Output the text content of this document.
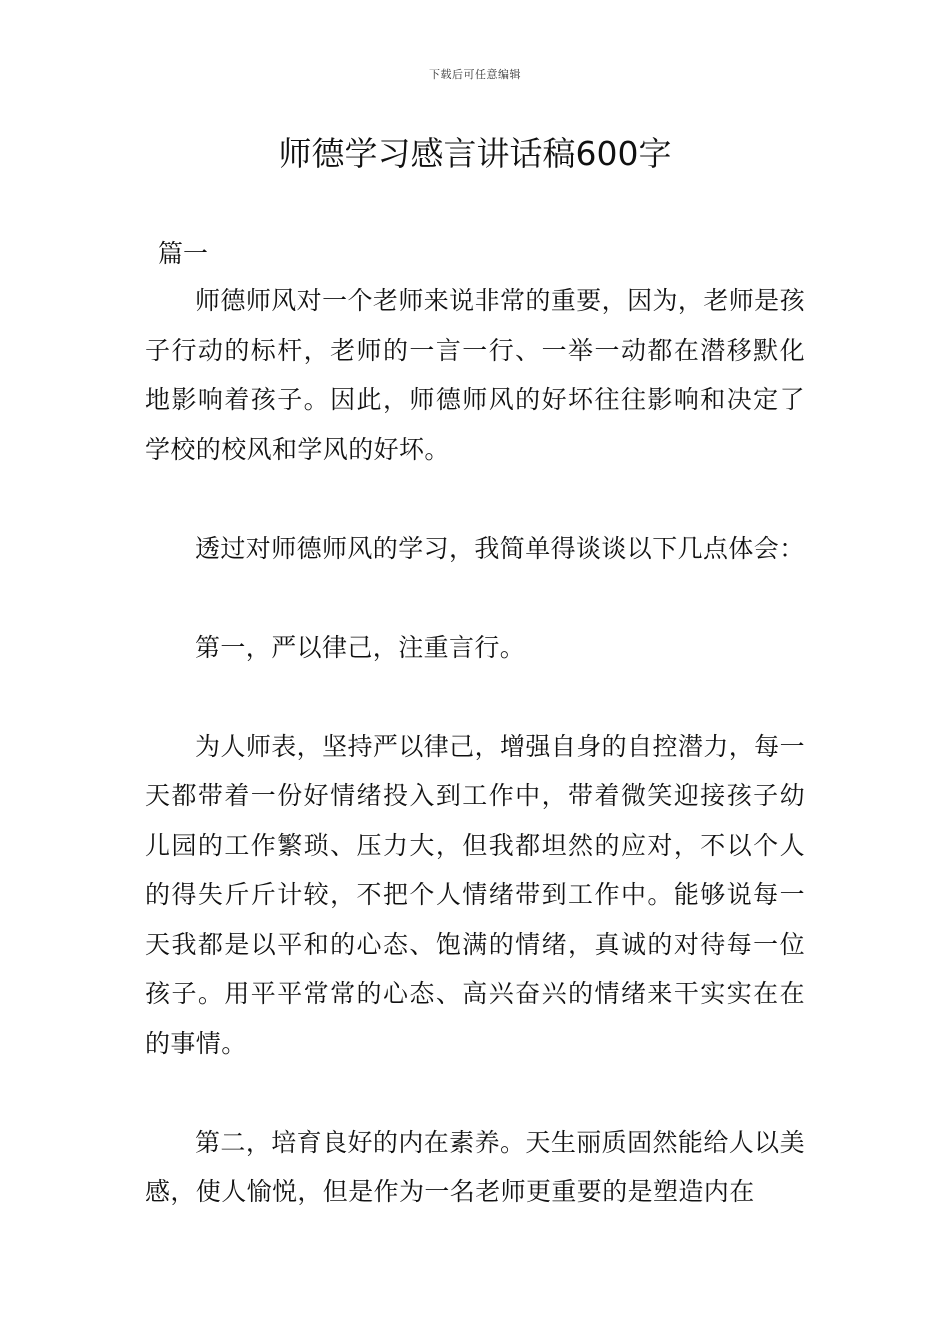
下载后可任意编辑
师德学习感言讲话稿600字

篇一

师德师风对一个老师来说非常的重要，因为，老师是孩子行动的标杆，老师的一言一行、一举一动都在潜移默化地影响着孩子。因此，师德师风的好坏往往影响和决定了学校的校风和学风的好坏。

透过对师德师风的学习，我简单得谈谈以下几点体会：

第一，严以律己，注重言行。

为人师表，坚持严以律己，增强自身的自控潜力，每一天都带着一份好情绪投入到工作中，带着微笑迎接孩子幼儿园的工作繁琐、压力大，但我都坦然的应对，不以个人的得失斤斤计较，不把个人情绪带到工作中。能够说每一天我都是以平和的心态、饱满的情绪，真诚的对待每一位孩子。用平平常常的心态、高兴奋兴的情绪来干实实在在的事情。

第二，培育良好的内在素养。天生丽质固然能给人以美感，使人愉悦，但是作为一名老师更重要的是塑造内在
